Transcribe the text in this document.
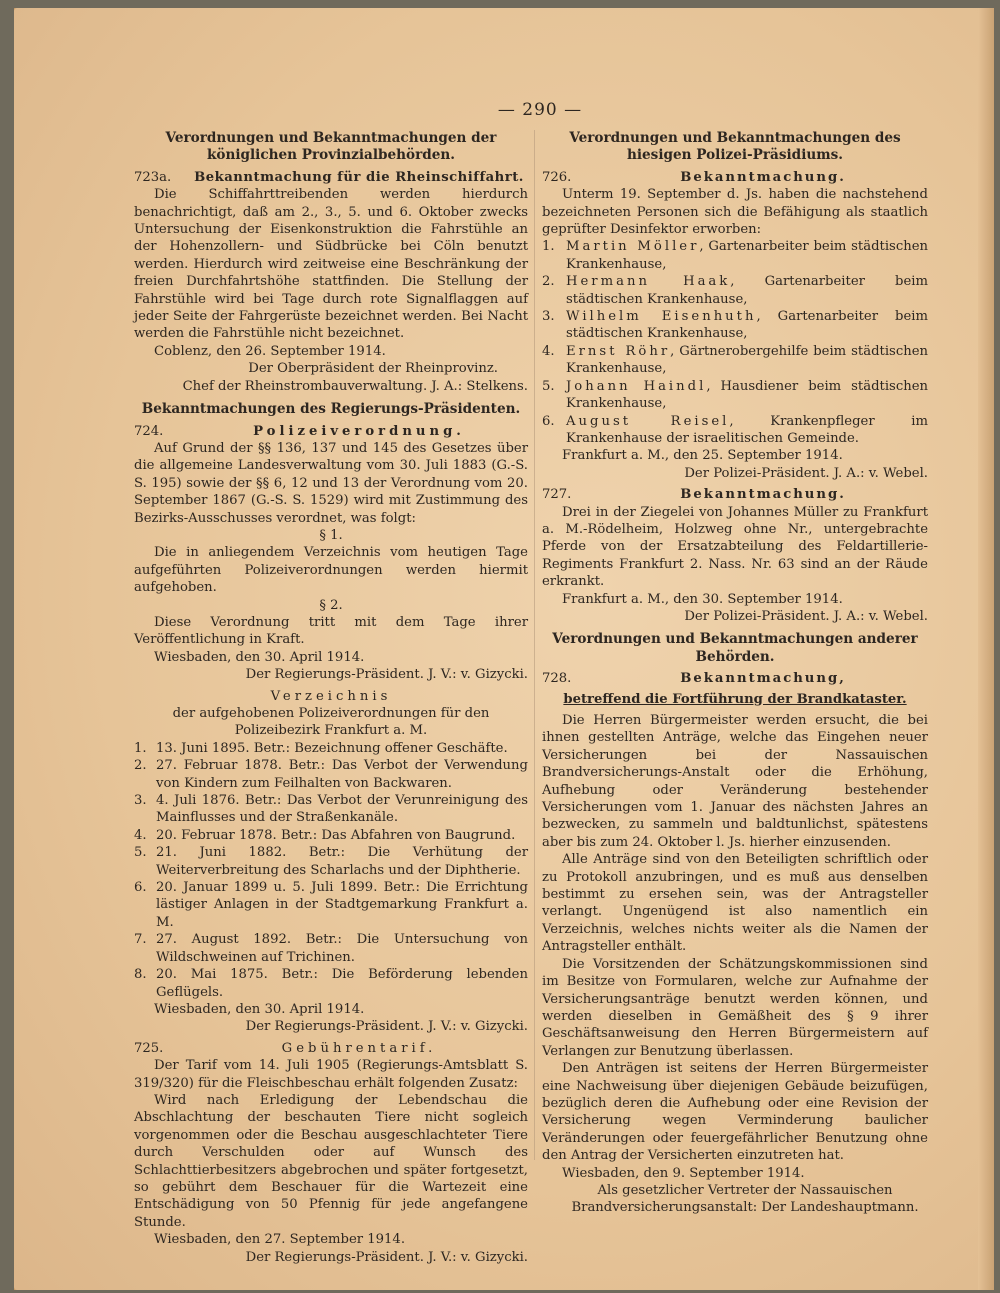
— 290 —
Verordnungen und Bekanntmachungen der königlichen Provinzialbehörden.
723a.	Bekanntmachung für die Rheinschiffahrt.

Die Schiffahrttreibenden werden hierdurch benachrichtigt, daß am 2., 3., 5. und 6. Oktober zwecks Untersuchung der Eisenkonstruktion die Fahrstühle an der Hohenzollern- und Südbrücke bei Cöln benutzt werden. Hierdurch wird zeitweise eine Beschränkung der freien Durchfahrtshöhe stattfinden. Die Stellung der Fahrstühle wird bei Tage durch rote Signalflaggen auf jeder Seite der Fahrgerüste bezeichnet werden. Bei Nacht werden die Fahrstühle nicht bezeichnet.

Coblenz, den 26. September 1914.

Der Oberpräsident der Rheinprovinz.

Chef der Rheinstrombauverwaltung. J. A.: Stelkens.

Bekanntmachungen des Regierungs-Präsidenten.
724.	Polizeiverordnung.

Auf Grund der §§ 136, 137 und 145 des Gesetzes über die allgemeine Landesverwaltung vom 30. Juli 1883 (G.-S. S. 195) sowie der §§ 6, 12 und 13 der Verordnung vom 20. September 1867 (G.-S. S. 1529) wird mit Zustimmung des Bezirks-Ausschusses verordnet, was folgt:

§ 1.

Die in anliegendem Verzeichnis vom heutigen Tage aufgeführten Polizeiverordnungen werden hiermit aufgehoben.

§ 2.

Diese Verordnung tritt mit dem Tage ihrer Veröffentlichung in Kraft.

Wiesbaden, den 30. April 1914.

Der Regierungs-Präsident. J. V.: v. Gizycki.

Verzeichnis

der aufgehobenen Polizeiverordnungen für den Polizeibezirk Frankfurt a. M.

1. 13. Juni 1895. Betr.: Bezeichnung offener Geschäfte.
2. 27. Februar 1878. Betr.: Das Verbot der Verwendung von Kindern zum Feilhalten von Backwaren.
3. 4. Juli 1876. Betr.: Das Verbot der Verunreinigung des Mainflusses und der Straßenkanäle.
4. 20. Februar 1878. Betr.: Das Abfahren von Baugrund.
5. 21. Juni 1882. Betr.: Die Verhütung der Weiterverbreitung des Scharlachs und der Diphtherie.
6. 20. Januar 1899 u. 5. Juli 1899. Betr.: Die Errichtung lästiger Anlagen in der Stadtgemarkung Frankfurt a. M.
7. 27. August 1892. Betr.: Die Untersuchung von Wildschweinen auf Trichinen.
8. 20. Mai 1875. Betr.: Die Beförderung lebenden Geflügels.

Wiesbaden, den 30. April 1914.

Der Regierungs-Präsident. J. V.: v. Gizycki.

725.	Gebührentarif.

Der Tarif vom 14. Juli 1905 (Regierungs-Amtsblatt S. 319/320) für die Fleischbeschau erhält folgenden Zusatz:

Wird nach Erledigung der Lebendschau die Abschlachtung der beschauten Tiere nicht sogleich vorgenommen oder die Beschau ausgeschlachteter Tiere durch Verschulden oder auf Wunsch des Schlachttierbesitzers abgebrochen und später fortgesetzt, so gebührt dem Beschauer für die Wartezeit eine Entschädigung von 50 Pfennig für jede angefangene Stunde.

Wiesbaden, den 27. September 1914.

Der Regierungs-Präsident. J. V.: v. Gizycki.

Verordnungen und Bekanntmachungen des hiesigen Polizei-Präsidiums.
726.	Bekanntmachung.

Unterm 19. September d. Js. haben die nachstehend bezeichneten Personen sich die Befähigung als staatlich geprüfter Desinfektor erworben:

1. Martin Möller, Gartenarbeiter beim städtischen Krankenhause,
2. Hermann Haak, Gartenarbeiter beim städtischen Krankenhause,
3. Wilhelm Eisenhuth, Gartenarbeiter beim städtischen Krankenhause,
4. Ernst Röhr, Gärtnerobergehilfe beim städtischen Krankenhause,
5. Johann Haindl, Hausdiener beim städtischen Krankenhause,
6. August Reisel, Krankenpfleger im Krankenhause der israelitischen Gemeinde.

Frankfurt a. M., den 25. September 1914.

Der Polizei-Präsident. J. A.: v. Webel.

727.	Bekanntmachung.

Drei in der Ziegelei von Johannes Müller zu Frankfurt a. M.-Rödelheim, Holzweg ohne Nr., untergebrachte Pferde von der Ersatzabteilung des Feldartillerie-Regiments Frankfurt 2. Nass. Nr. 63 sind an der Räude erkrankt.

Frankfurt a. M., den 30. September 1914.

Der Polizei-Präsident. J. A.: v. Webel.

Verordnungen und Bekanntmachungen anderer Behörden.
728.	Bekanntmachung,
betreffend die Fortführung der Brandkataster.

Die Herren Bürgermeister werden ersucht, die bei ihnen gestellten Anträge, welche das Eingehen neuer Versicherungen bei der Nassauischen Brandversicherungs-Anstalt oder die Erhöhung, Aufhebung oder Veränderung bestehender Versicherungen vom 1. Januar des nächsten Jahres an bezwecken, zu sammeln und baldtunlichst, spätestens aber bis zum 24. Oktober l. Js. hierher einzusenden.

Alle Anträge sind von den Beteiligten schriftlich oder zu Protokoll anzubringen, und es muß aus denselben bestimmt zu ersehen sein, was der Antragsteller verlangt. Ungenügend ist also namentlich ein Verzeichnis, welches nichts weiter als die Namen der Antragsteller enthält.

Die Vorsitzenden der Schätzungskommissionen sind im Besitze von Formularen, welche zur Aufnahme der Versicherungsanträge benutzt werden können, und werden dieselben in Gemäßheit des § 9 ihrer Geschäftsanweisung den Herren Bürgermeistern auf Verlangen zur Benutzung überlassen.

Den Anträgen ist seitens der Herren Bürgermeister eine Nachweisung über diejenigen Gebäude beizufügen, bezüglich deren die Aufhebung oder eine Revision der Versicherung wegen Verminderung baulicher Veränderungen oder feuergefährlicher Benutzung ohne den Antrag der Versicherten einzutreten hat.

Wiesbaden, den 9. September 1914.

Als gesetzlicher Vertreter der Nassauischen Brandversicherungsanstalt: Der Landeshauptmann.
